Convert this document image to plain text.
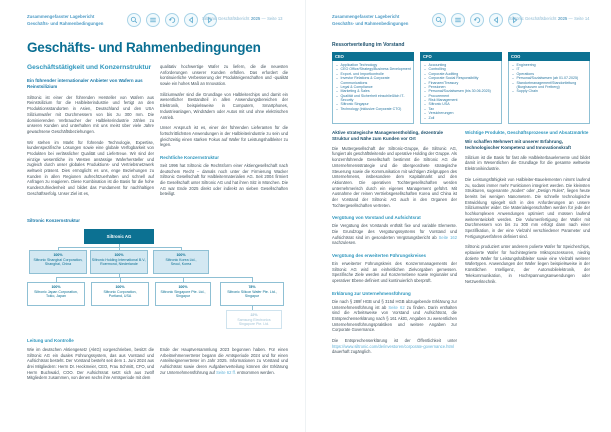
Zusammengefasster Lagebericht
Geschäfts- und Rahmenbedingungen
Siltronic Geschäftsbericht 2025 — Seite 13
Geschäfts- und Rahmenbedingungen
Geschäftstätigkeit und Konzernstruktur
Ein führender internationaler Anbieter von Wafern aus Reinstsilizium

Siltronic ist einer der führenden Hersteller von Wafern aus Reinstsilizium für die Halbleiterindustrie und fertigt an den Produktionsstandorten in Asien, Deutschland und den USA Siliziumwafer mit Durchmessern von bis zu 300 mm. Die dominierenden Verbraucher der Halbleiterindustrie zählen zu unseren Kunden und unterhalten mit uns meist über viele Jahre gewachsene Geschäftsbeziehungen.

Wir stehen im Markt für führende Technologie, Expertise, kundenspezifische Lösungen sowie eine globale Verfügbarkeit von Produkten bei verlässlicher Qualität und Liefertreue. Wir sind der einzige wesentliche im Westen ansässige Waferhersteller und zugleich durch unser globales Produktions- und Vertriebsnetzwerk weltweit präsent. Dies ermöglicht es uns, enge Beziehungen zu Kunden in allen Regionen aufrechtzuerhalten und schnell auf Anfragen zu reagieren. Diese Kombination ist die Basis für die hohe Kundenzufriedenheit und bildet das Fundament für nachhaltigen Geschäftserfolg. Unser Ziel ist es,

qualitativ hochwertige Wafer zu liefern, die die neuesten Anforderungen unserer Kunden erfüllen. Das erfordert die kontinuierliche Verbesserung der Produkteigenschaften und -qualität sowie ein hohes Maß an Innovation.

Siliziumwafer sind die Grundlage von Halbleiterchips und damit ein wesentlicher Bestandteil in allen Anwendungsbereichen der Elektronik, beispielsweise in Computern, Smartphones, Industrieanlagen, Windrädern oder Autos mit und ohne elektrischen Antrieb.

Unser Anspruch ist es, einer der führenden Lieferanten für die fortschrittlichsten Anwendungen in der Halbleiterindustrie zu sein und gleichzeitig einen starken Fokus auf Wafer für Leistungshalbleiter zu legen.

Rechtliche Konzernstruktur

Seit 1996 hat Siltronic die Rechtsform einer Aktiengesellschaft nach deutschem Recht – damals noch unter der Firmierung Wacker Siltronic Gesellschaft für Halbleitermaterialien AG. Seit 2004 firmiert die Gesellschaft unter Siltronic AG und hat ihren Sitz in München. Die AG war Ende 2025 direkt oder indirekt an sieben Gesellschaften beteiligt.

Siltronic Konzernstruktur
Siltronic AG
100%
Siltronic Shanghai Corporation,
Shanghai, China
100%
Siltronic Holding International B.V.,
Roermond, Niederlande
100%
Siltronic Korea Ltd.,
Seoul, Korea
100%
Siltronic Japan Corporation,
Tokio, Japan
100%
Siltronic Corporation,
Portland, USA
100%
Siltronic Singapore Pte. Ltd.,
Singapur
78%
Siltronic Silicon Wafer Pte. Ltd.,
Singapur
22%
Samsung Electronics
Singapore Pte. Ltd.
Leitung und Kontrolle

Wie im deutschen Aktiengesetz (AktG) vorgeschrieben, besitzt die Siltronic AG ein duales Führungssystem, das aus Vorstand und Aufsichtsrat besteht. Der Vorstand besteht seit dem 1. Juni 2024 aus drei Mitgliedern: Herrn Dr. Heckmeier, CEO, Frau Schmitt, CFO, und Herrn Buchwald, COO. Der Aufsichtsrat setzt sich aus zwölf Mitgliedern zusammen, von denen sechs ihre Amtsperiode mit dem

Ende der Hauptversammlung 2023 begonnen haben. Für einen Arbeitnehmervertreter begann die Amtsperiode 2024 und für einen Anteilseignervertreter im Jahr 2025. Informationen zu Vorstand und Aufsichtsrat sowie deren Aufgabenverteilung können der Erklärung zur Unternehmensführung auf Seite 62 ff. entnommen werden.

Zusammengefasster Lagebericht
Geschäfts- und Rahmenbedingungen
Siltronic Geschäftsbericht 2025 — Seite 14
Ressortverteilung im Vorstand
CEO
– Application Technology
– CEO Office/Strategy/Business Development
– Export- und Importkontrolle
– Investor Relations & Corporate Communications
– Legal & Compliance
– Marketing & Sales
– Qualität und Sicherheit einschließlich IT-Security
– Siltronic Singapur
– Technology (inklusive Corporate CTO)
CFO
– Accounting
– Controlling
– Corporate Auditing
– Corporate Social Responsibility
– Finanzen/Treasury
– Pensionen
– Personal/Sozialwesen (bis 30.06.2025)
– Procurement
– Risk Management
– Siltronic USA
– Tax
– Versicherungen
– Zoll
COO
– Engineering
– IT
– Operations
– Personal/Sozialwesen (ab 01.07.2025)
– Standortmanagement/Standortleitung (Burghausen und Freiberg)
– Supply Chain
Aktive strategische Managementholding, dezentrale Struktur und Nähe zum Kunden vor Ort

Die Muttergesellschaft der Siltronic-Gruppe, die Siltronic AG, fungiert als geschäftsleitende und operative Holding der Gruppe. Als konzernführende Gesellschaft bestimmt die Siltronic AG die Unternehmensstrategie und die übergeordnete strategische Steuerung sowie die Kommunikation mit wichtigen Zielgruppen des Unternehmens, insbesondere dem Kapitalmarkt und den Aktionären. Die operativen Tochtergesellschaften werden unternehmerisch durch ein eigenes Management geführt. Mit Ausnahme der reinen Vertriebsgesellschaften Korea und China ist der Vorstand der Siltronic AG auch in den Organen der Tochtergesellschaften vertreten.

Vergütung von Vorstand und Aufsichtsrat

Die Vergütung des Vorstands enthält fixe und variable Elemente. Die Grundzüge des Vergütungssystems für Vorstand und Aufsichtsrat sind im gesonderten Vergütungsbericht ab Seite 162 nachzulesen.

Vergütung des erweiterten Führungskreises

Ein erweiterter Führungskreis des Konzernmanagements der Siltronic AG wird an einheitlichen Zielvorgaben gemessen. Spezifische Ziele werden auf Konzernebene sowie regionaler und operativer Ebene definiert und kontinuierlich überprüft.

Erklärung zur Unternehmensführung

Die nach § 289f HGB und § 315d HGB abzugebende Erklärung zur Unternehmensführung ist ab Seite 62 zu finden. Darin enthalten sind die Arbeitsweise von Vorstand und Aufsichtsrat, die Entsprechenserklärung nach § 161 AktG, Angaben zu wesentlichen Unternehmensführungspraktiken und weitere Angaben zur Corporate Governance.

Die Entsprechenserklärung ist der Öffentlichkeit unter https://www.siltronic.com/de/investoren/corporate-governance.html dauerhaft zugänglich.

Wichtige Produkte, Geschäftsprozesse und Absatzmärkte
Wir schaffen Mehrwert mit unserer Erfahrung, technologischer Kompetenz und Innovationskraft

Silizium ist die Basis für fast alle Halbleiterbauelemente und bildet damit im Wesentlichen die Grundlage für die gesamte weltweite Elektronikindustrie.

Die Leistungsfähigkeit von Halbleiter-Bauelementen nimmt laufend zu, sodass immer mehr Funktionen integriert werden. Die kleinsten Strukturen, sogenannte „Nodes“ oder „Design Rules“, liegen heute bereits bei wenigen Nanometern. Die schnelle technologische Entwicklung spiegelt sich in den Anforderungen an unsere Siliziumwafer wider. Die Materialeigenschaften werden für jede der hochkomplexen Anwendungen optimiert und müssen laufend weiterentwickelt werden. Die Volumenfertigung der Wafer mit Durchmessern von bis zu 300 mm erfolgt dann nach einer Spezifikation, in der eine Vielzahl verschiedener Parameter und Fertigungsverfahren definiert sind.

Siltronic produziert unter anderem polierte Wafer für Speicherchips, epitaxierte Wafer für hochintegrierte Mikroprozessoren, niedrig dotierte Wafer für Leistungshalbleiter sowie eine Vielzahl weiterer Wafertypen. Anwendungen der Wafer liegen beispielsweise in der Künstlichen Intelligenz, der Automobilelektronik, der Telekommunikation, in Hochspannungsanwendungen oder Netzwerktechnik.
